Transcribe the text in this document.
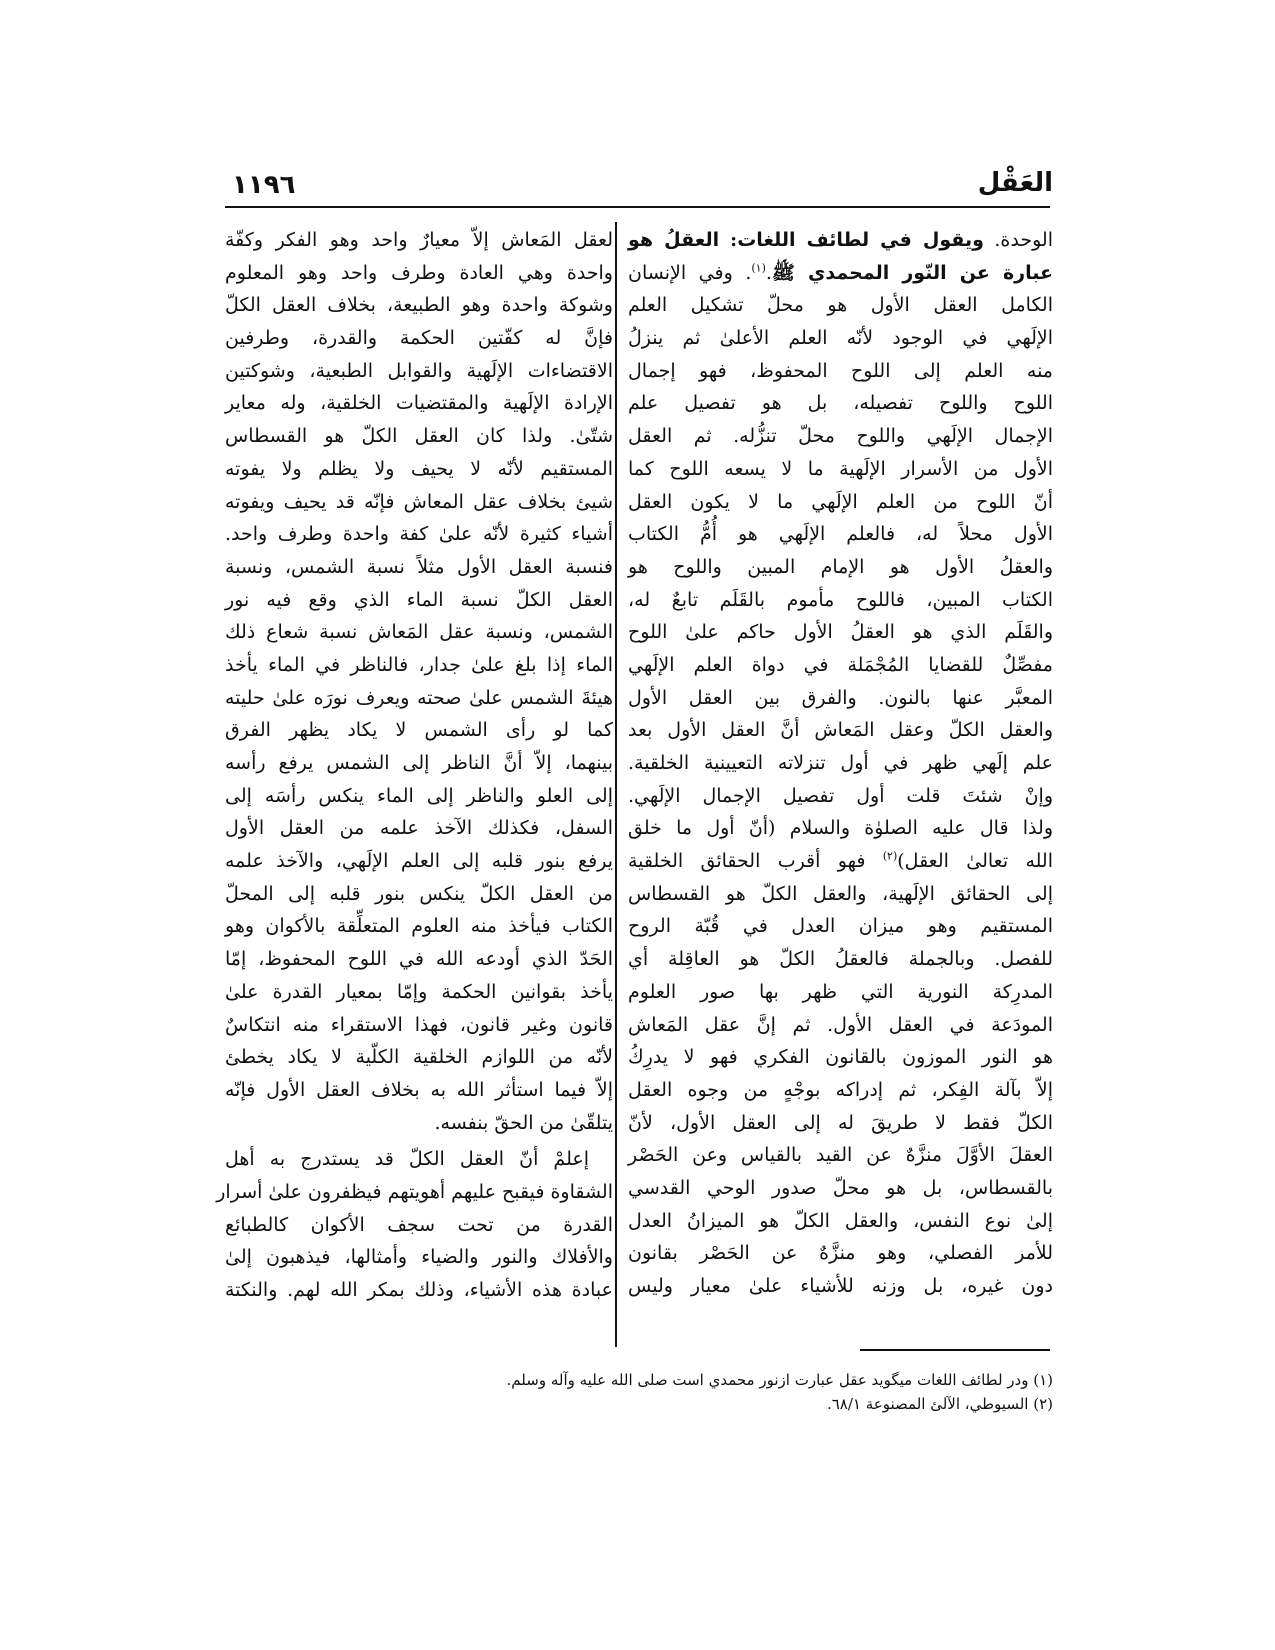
العَقْل
١١٩٦
الوحدة. ويقول في لطائف اللغات: العقلُ هو
عبارة عن النّور المحمدي ﷺ.$^{(١)}$. وفي الإنسان
الكامل العقل الأول هو محلّ تشكيل العلم
الإلَهي في الوجود لأنّه العلم الأعلىٰ ثم ينزلُ
منه العلم إلى اللوح المحفوظ، فهو إجمال
اللوح واللوح تفصيله، بل هو تفصيل علم
الإجمال الإلَهي واللوح محلّ تنزُّله. ثم العقل
الأول من الأسرار الإلَهية ما لا يسعه اللوح كما
أنّ اللوح من العلم الإلَهي ما لا يكون العقل
الأول محلاً له، فالعلم الإلَهي هو أُمُّ الكتاب
والعقلُ الأول هو الإمام المبين واللوح هو
الكتاب المبين، فاللوح مأموم بالقَلَم تابعٌ له،
والقَلَم الذي هو العقلُ الأول حاكم علىٰ اللوح
مفصِّلٌ للقضايا المُجْمَلة في دواة العلم الإلَهي
المعبَّر عنها بالنون. والفرق بين العقل الأول
والعقل الكلّ وعقل المَعاش أنَّ العقل الأول بعد
علم إلَهي ظهر في أول تنزلاته التعيينية الخلقية.
وإنْ شئتَ قلت أول تفصيل الإجمال الإلَهي.
ولذا قال عليه الصلوٰة والسلام (أنّ أول ما خلق
الله تعالىٰ العقل)$^{(٢)}$ فهو أقرب الحقائق الخلقية
إلى الحقائق الإلَهية، والعقل الكلّ هو القسطاس
المستقيم وهو ميزان العدل في قُبّة الروح
للفصل. وبالجملة فالعقلُ الكلّ هو العاقِلة أي
المدرِكة النورية التي ظهر بها صور العلوم
المودَعة في العقل الأول. ثم إنَّ عقل المَعاش
هو النور الموزون بالقانون الفكري فهو لا يدرِكُ
إلاّ بآلة الفِكر، ثم إدراكه بوجْهٍ من وجوه العقل
الكلّ فقط لا طريقَ له إلى العقل الأول، لأنّ
العقلَ الأوَّلَ منزَّهٌ عن القيد بالقياس وعن الحَصْر
بالقسطاس، بل هو محلّ صدور الوحي القدسي
إلىٰ نوع النفس، والعقل الكلّ هو الميزانُ العدل
للأمر الفصلي، وهو منزَّهٌ عن الحَصْر بقانون
دون غيره، بل وزنه للأشياء علىٰ معيار وليس
لعقل المَعاش إلاّ معيارٌ واحد وهو الفكر وكفّة
واحدة وهي العادة وطرف واحد وهو المعلوم
وشوكة واحدة وهو الطبيعة، بخلاف العقل الكلّ
فإنَّ له كفّتين الحكمة والقدرة، وطرفين
الاقتضاءات الإلَهية والقوابل الطبعية، وشوكتين
الإرادة الإلَهية والمقتضيات الخلقية، وله معاير
شتّىٰ. ولذا كان العقل الكلّ هو القسطاس
المستقيم لأنّه لا يحيف ولا يظلم ولا يفوته
شيئ بخلاف عقل المعاش فإنّه قد يحيف ويفوته
أشياء كثيرة لأنّه علىٰ كفة واحدة وطرف واحد.
فنسبة العقل الأول مثلاً نسبة الشمس، ونسبة
العقل الكلّ نسبة الماء الذي وقع فيه نور
الشمس، ونسبة عقل المَعاش نسبة شعاع ذلك
الماء إذا بلغ علىٰ جدار، فالناظر في الماء يأخذ
هيئةَ الشمس علىٰ صحته ويعرف نورَه علىٰ حليته
كما لو رأى الشمس لا يكاد يظهر الفرق
بينهما، إلاّ أنَّ الناظر إلى الشمس يرفع رأسه
إلى العلو والناظر إلى الماء ينكس رأسَه إلى
السفل، فكذلك الآخذ علمه من العقل الأول
يرفع بنور قلبه إلى العلم الإلَهي، والآخذ علمه
من العقل الكلّ ينكس بنور قلبه إلى المحلّ
الكتاب فيأخذ منه العلوم المتعلِّقة بالأكوان وهو
الحَدّ الذي أودعه الله في اللوح المحفوظ، إمّا
يأخذ بقوانين الحكمة وإمّا بمعيار القدرة علىٰ
قانون وغير قانون، فهذا الاستقراء منه انتكاسٌ
لأنّه من اللوازم الخلقية الكلّية لا يكاد يخطئ
إلاّ فيما استأثر الله به بخلاف العقل الأول فإنّه
يتلقّىٰ من الحقّ بنفسه.
إعلمْ أنّ العقل الكلّ قد يستدرج به أهل
الشقاوة فيقبح عليهم أهويتهم فيظفرون علىٰ أسرار
القدرة من تحت سجف الأكوان كالطبائع
والأفلاك والنور والضياء وأمثالها، فيذهبون إلىٰ
عبادة هذه الأشياء، وذلك بمكر الله لهم. والنكتة
(١) ودر لطائف اللغات ميگويد عقل عبارت ازنور محمدي است صلى الله عليه وآله وسلم.
(٢) السيوطي، الآلئ المصنوعة ٦٨/١.
